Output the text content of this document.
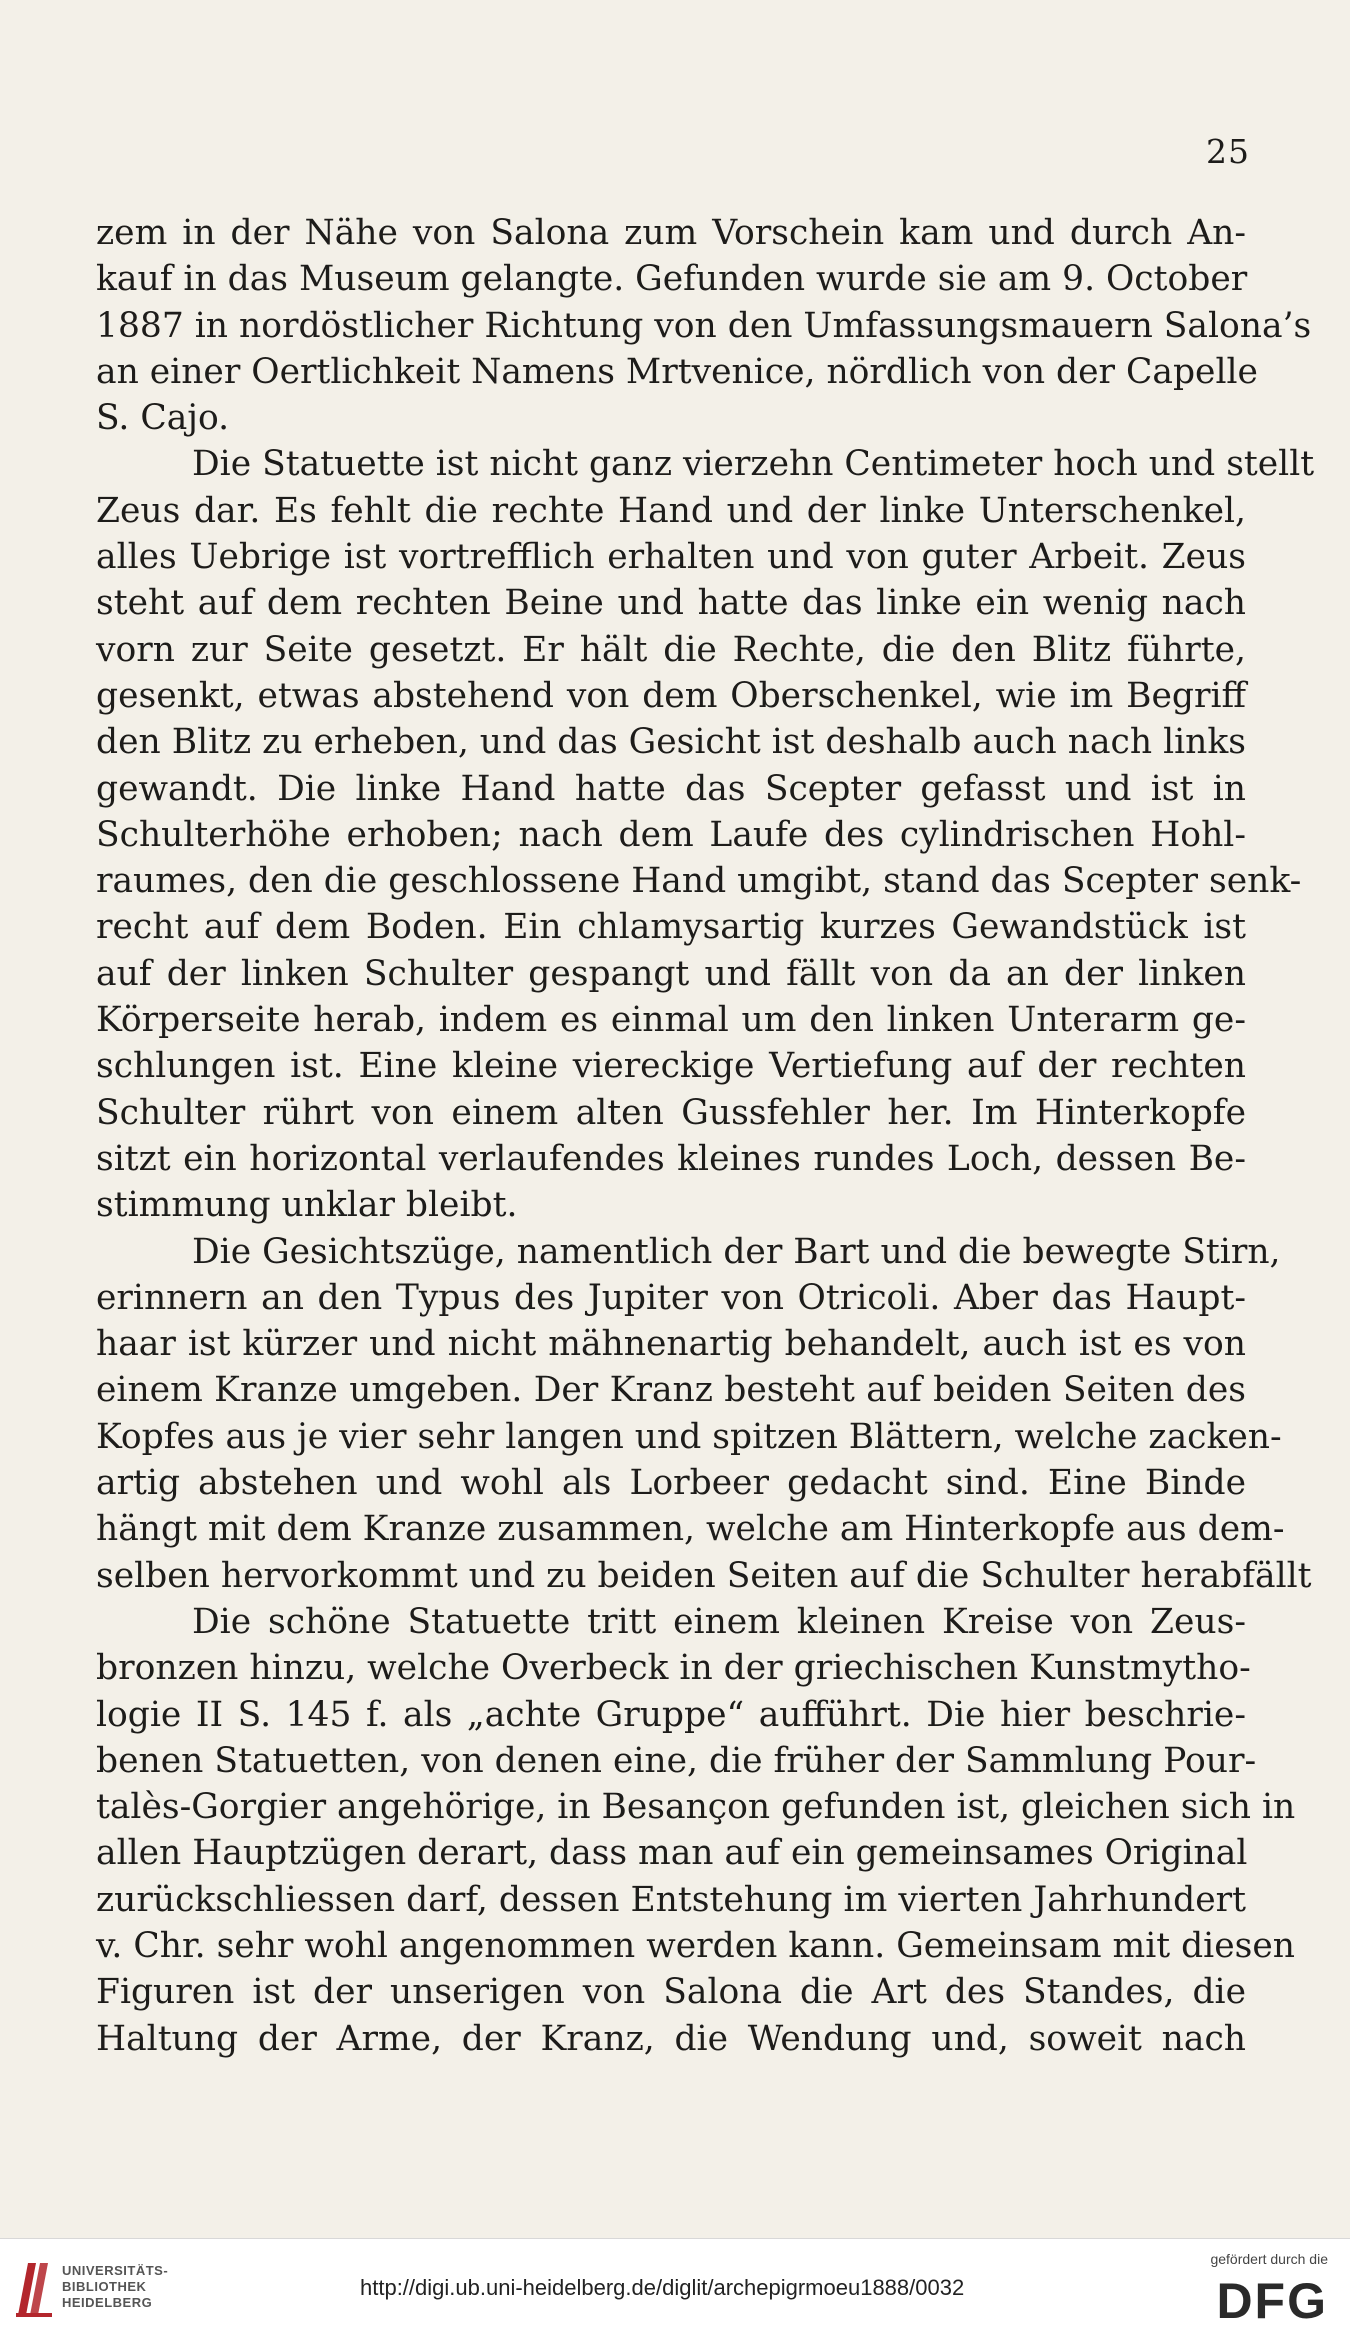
25
zem in der Nähe von Salona zum Vorschein kam und durch An-
kauf in das Museum gelangte. Gefunden wurde sie am 9. October
1887 in nordöstlicher Richtung von den Umfassungsmauern Salona’s
an einer Oertlichkeit Namens Mrtvenice, nördlich von der Capelle
S. Cajo.
Die Statuette ist nicht ganz vierzehn Centimeter hoch und stellt
Zeus dar. Es fehlt die rechte Hand und der linke Unterschenkel,
alles Uebrige ist vortrefflich erhalten und von guter Arbeit. Zeus
steht auf dem rechten Beine und hatte das linke ein wenig nach
vorn zur Seite gesetzt. Er hält die Rechte, die den Blitz führte,
gesenkt, etwas abstehend von dem Oberschenkel, wie im Begriff
den Blitz zu erheben, und das Gesicht ist deshalb auch nach links
gewandt. Die linke Hand hatte das Scepter gefasst und ist in
Schulterhöhe erhoben; nach dem Laufe des cylindrischen Hohl-
raumes, den die geschlossene Hand umgibt, stand das Scepter senk-
recht auf dem Boden. Ein chlamysartig kurzes Gewandstück ist
auf der linken Schulter gespangt und fällt von da an der linken
Körperseite herab, indem es einmal um den linken Unterarm ge-
schlungen ist. Eine kleine viereckige Vertiefung auf der rechten
Schulter rührt von einem alten Gussfehler her. Im Hinterkopfe
sitzt ein horizontal verlaufendes kleines rundes Loch, dessen Be-
stimmung unklar bleibt.
Die Gesichtszüge, namentlich der Bart und die bewegte Stirn,
erinnern an den Typus des Jupiter von Otricoli. Aber das Haupt-
haar ist kürzer und nicht mähnenartig behandelt, auch ist es von
einem Kranze umgeben. Der Kranz besteht auf beiden Seiten des
Kopfes aus je vier sehr langen und spitzen Blättern, welche zacken-
artig abstehen und wohl als Lorbeer gedacht sind. Eine Binde
hängt mit dem Kranze zusammen, welche am Hinterkopfe aus dem-
selben hervorkommt und zu beiden Seiten auf die Schulter herabfällt
Die schöne Statuette tritt einem kleinen Kreise von Zeus-
bronzen hinzu, welche Overbeck in der griechischen Kunstmytho-
logie II S. 145 f. als „achte Gruppe“ aufführt. Die hier beschrie-
benen Statuetten, von denen eine, die früher der Sammlung Pour-
talès-Gorgier angehörige, in Besançon gefunden ist, gleichen sich in
allen Hauptzügen derart, dass man auf ein gemeinsames Original
zurückschliessen darf, dessen Entstehung im vierten Jahrhundert
v. Chr. sehr wohl angenommen werden kann. Gemeinsam mit diesen
Figuren ist der unserigen von Salona die Art des Standes, die
Haltung der Arme, der Kranz, die Wendung und, soweit nach
UNIVERSITÄTS-
BIBLIOTHEK
HEIDELBERG
http://digi.ub.uni-heidelberg.de/diglit/archepigrmoeu1888/0032
gefördert durch die
DFG
